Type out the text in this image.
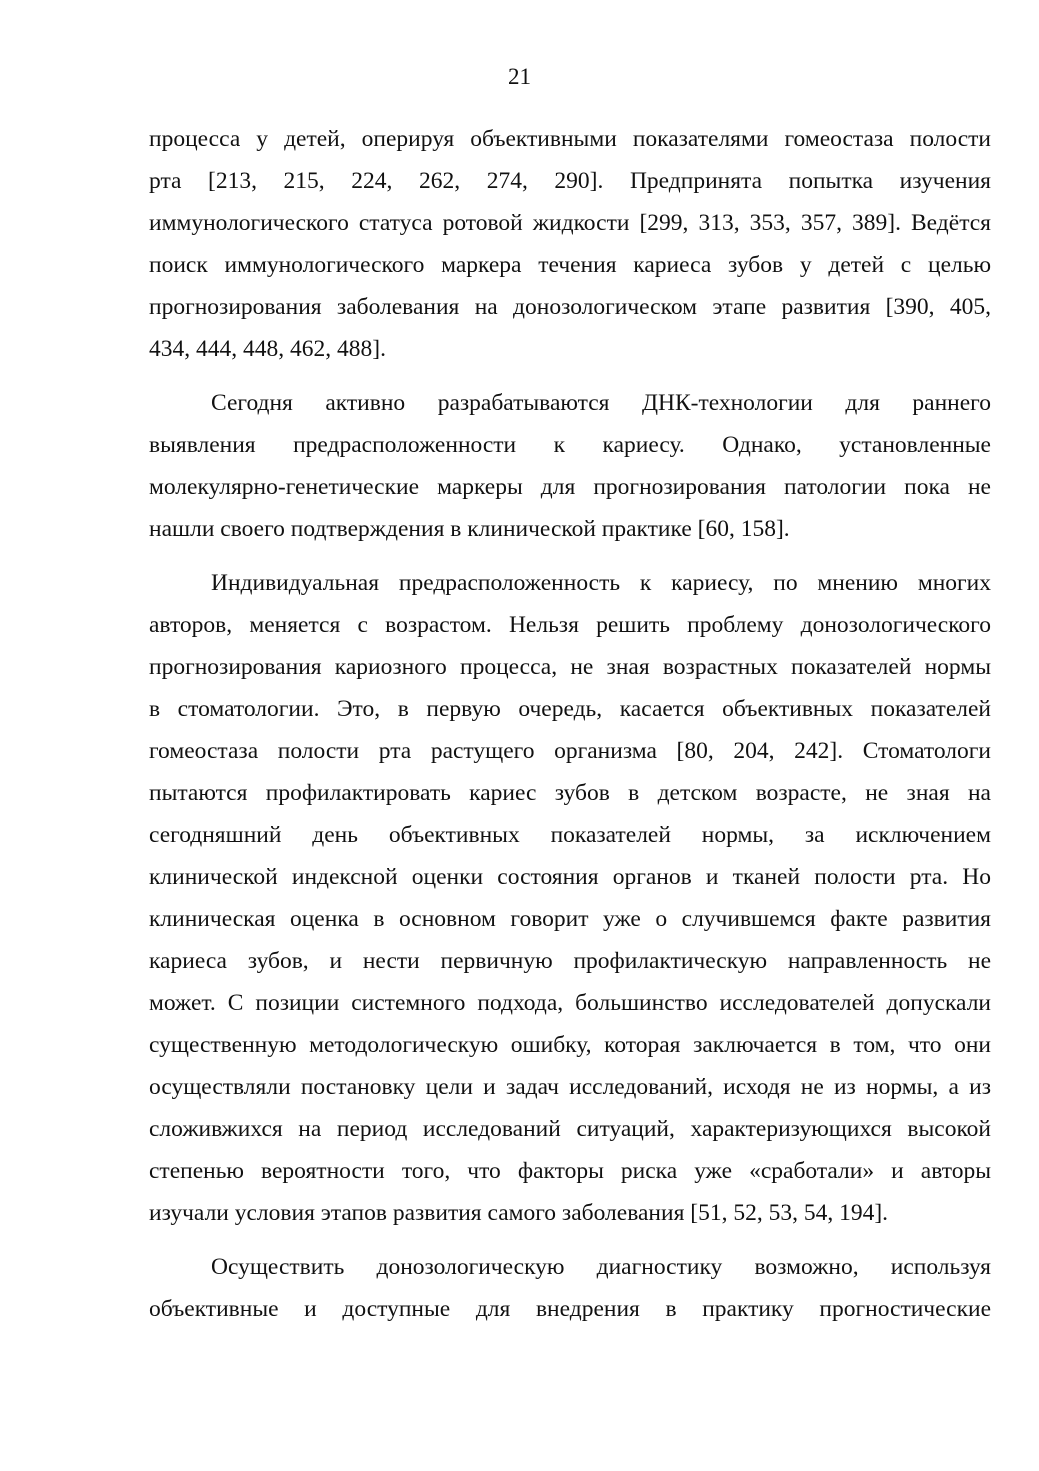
21
процесса у детей, оперируя объективными показателями гомеостаза полости
рта [213, 215, 224, 262, 274, 290]. Предпринята попытка изучения
иммунологического статуса ротовой жидкости [299, 313, 353, 357, 389]. Ведётся
поиск иммунологического маркера течения кариеса зубов у детей с целью
прогнозирования заболевания на донозологическом этапе развития [390, 405,
434, 444, 448, 462, 488].
Сегодня активно разрабатываются ДНК-технологии для раннего
выявления предрасположенности к кариесу. Однако, установленные
молекулярно-генетические маркеры для прогнозирования патологии пока не
нашли своего подтверждения в клинической практике [60, 158].
Индивидуальная предрасположенность к кариесу, по мнению многих
авторов, меняется с возрастом. Нельзя решить проблему донозологического
прогнозирования кариозного процесса, не зная возрастных показателей нормы
в стоматологии. Это, в первую очередь, касается объективных показателей
гомеостаза полости рта растущего организма [80, 204, 242]. Стоматологи
пытаются профилактировать кариес зубов в детском возрасте, не зная на
сегодняшний день объективных показателей нормы, за исключением
клинической индексной оценки состояния органов и тканей полости рта. Но
клиническая оценка в основном говорит уже о случившемся факте развития
кариеса зубов, и нести первичную профилактическую направленность не
может. С позиции системного подхода, большинство исследователей допускали
существенную методологическую ошибку, которая заключается в том, что они
осуществляли постановку цели и задач исследований, исходя не из нормы, а из
сложивжихся на период исследований ситуаций, характеризующихся высокой
степенью вероятности того, что факторы риска уже «сработали» и авторы
изучали условия этапов развития самого заболевания [51, 52, 53, 54, 194].
Осуществить донозологическую диагностику возможно, используя
объективные и доступные для внедрения в практику прогностические
